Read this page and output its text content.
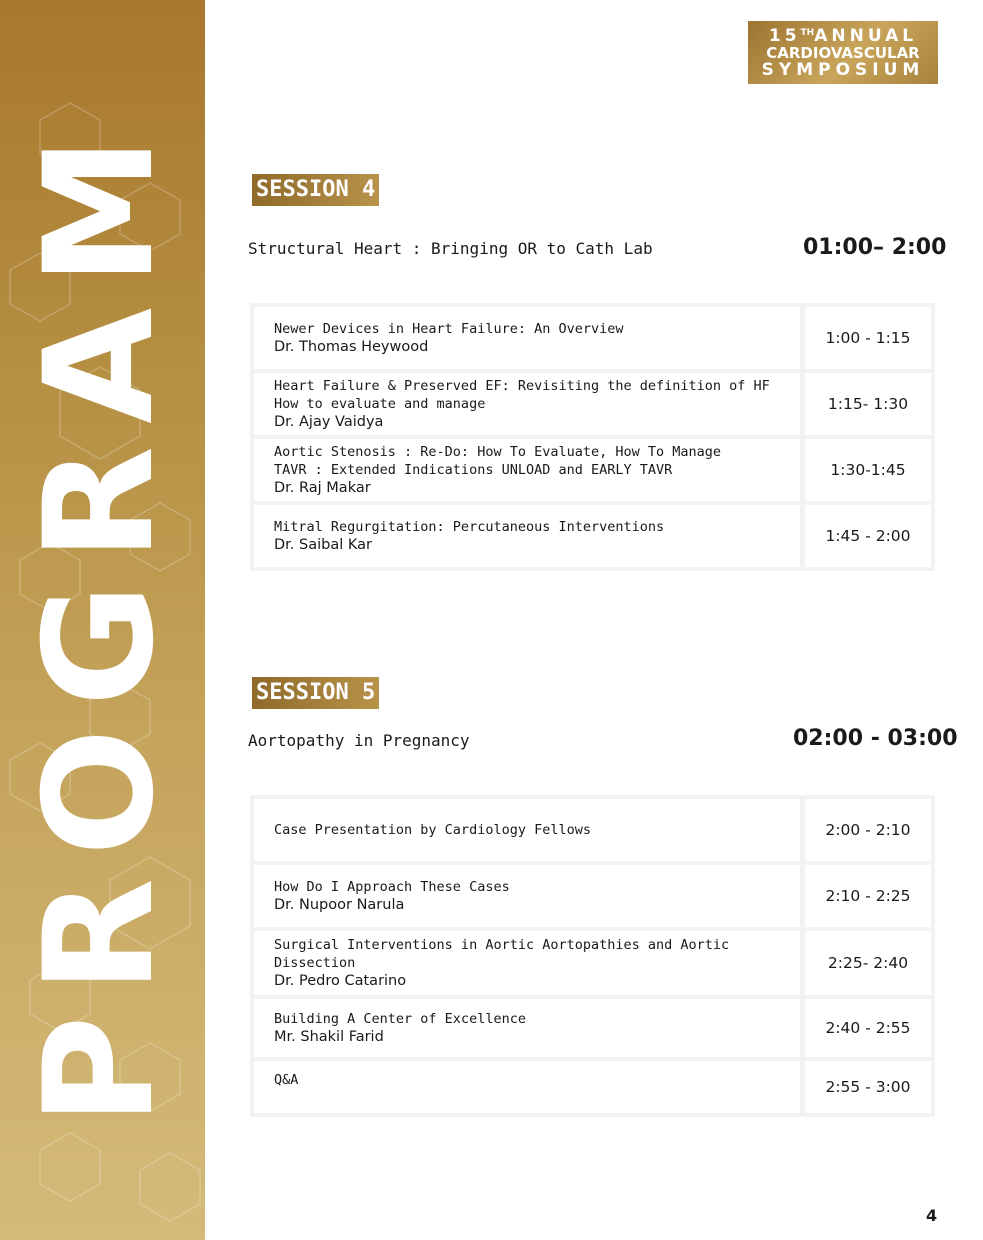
PROGRAM
15THANNUAL
CARDIOVASCULAR
SYMPOSIUM
SESSION 4
Structural Heart : Bringing OR to Cath Lab	01:00– 2:00
Newer Devices in Heart Failure: An Overview
Dr. Thomas Heywood	1:00 - 1:15
Heart Failure & Preserved EF: Revisiting the definition of HF
How to evaluate and manage
Dr. Ajay Vaidya
1:15- 1:30
Aortic Stenosis : Re-Do: How To Evaluate, How To Manage
TAVR : Extended Indications UNLOAD and EARLY TAVR
Dr. Raj Makar
1:30-1:45
Mitral Regurgitation: Percutaneous Interventions
Dr. Saibal Kar	1:45 - 2:00
SESSION 5
Aortopathy in Pregnancy	02:00 - 03:00
Case Presentation by Cardiology Fellows	2:00 - 2:10
How Do I Approach These Cases
Dr. Nupoor Narula	2:10 - 2:25
Surgical Interventions in Aortic Aortopathies and Aortic Dissection
Dr. Pedro Catarino
2:25- 2:40
Building A Center of Excellence
Mr. Shakil Farid	2:40 - 2:55
Q&A	2:55 - 3:00
4
